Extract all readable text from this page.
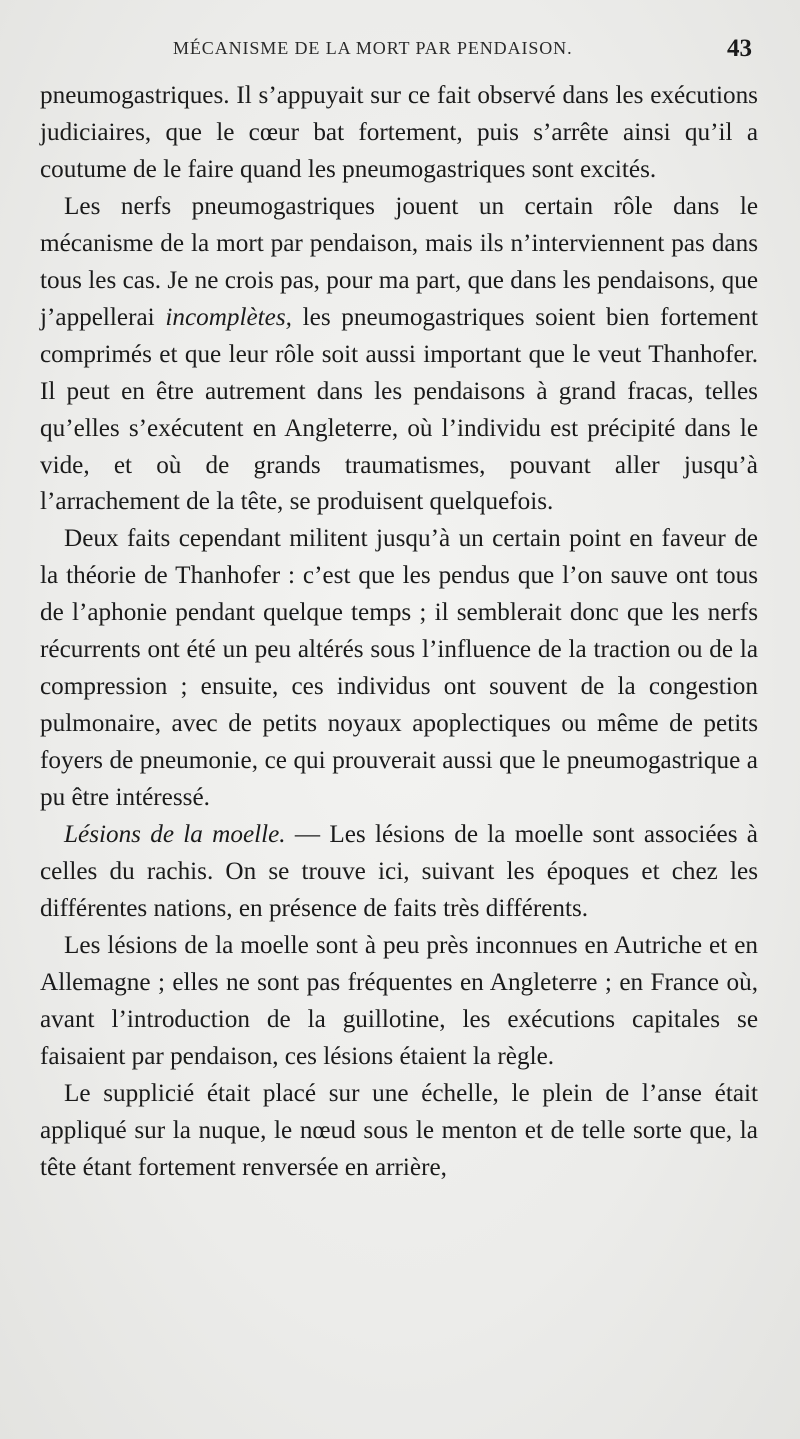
MÉCANISME DE LA MORT PAR PENDAISON.	43

pneumogastriques. Il s’appuyait sur ce fait observé dans les exécutions judiciaires, que le cœur bat fortement, puis s’arrête ainsi qu’il a coutume de le faire quand les pneumogastriques sont excités.

Les nerfs pneumogastriques jouent un certain rôle dans le mécanisme de la mort par pendaison, mais ils n’interviennent pas dans tous les cas. Je ne crois pas, pour ma part, que dans les pendaisons, que j’appellerai incomplètes, les pneumogastriques soient bien fortement comprimés et que leur rôle soit aussi important que le veut Thanhofer. Il peut en être autrement dans les pendaisons à grand fracas, telles qu’elles s’exécutent en Angleterre, où l’individu est précipité dans le vide, et où de grands traumatismes, pouvant aller jusqu’à l’arrachement de la tête, se produisent quelquefois.

Deux faits cependant militent jusqu’à un certain point en faveur de la théorie de Thanhofer : c’est que les pendus que l’on sauve ont tous de l’aphonie pendant quelque temps ; il semblerait donc que les nerfs récurrents ont été un peu altérés sous l’influence de la traction ou de la compression ; ensuite, ces individus ont souvent de la congestion pulmonaire, avec de petits noyaux apoplectiques ou même de petits foyers de pneumonie, ce qui prouverait aussi que le pneumogastrique a pu être intéressé.

Lésions de la moelle. — Les lésions de la moelle sont associées à celles du rachis. On se trouve ici, suivant les époques et chez les différentes nations, en présence de faits très différents.

Les lésions de la moelle sont à peu près inconnues en Autriche et en Allemagne ; elles ne sont pas fréquentes en Angleterre ; en France où, avant l’introduction de la guillotine, les exécutions capitales se faisaient par pendaison, ces lésions étaient la règle.

Le supplicié était placé sur une échelle, le plein de l’anse était appliqué sur la nuque, le nœud sous le menton et de telle sorte que, la tête étant fortement renversée en arrière,
